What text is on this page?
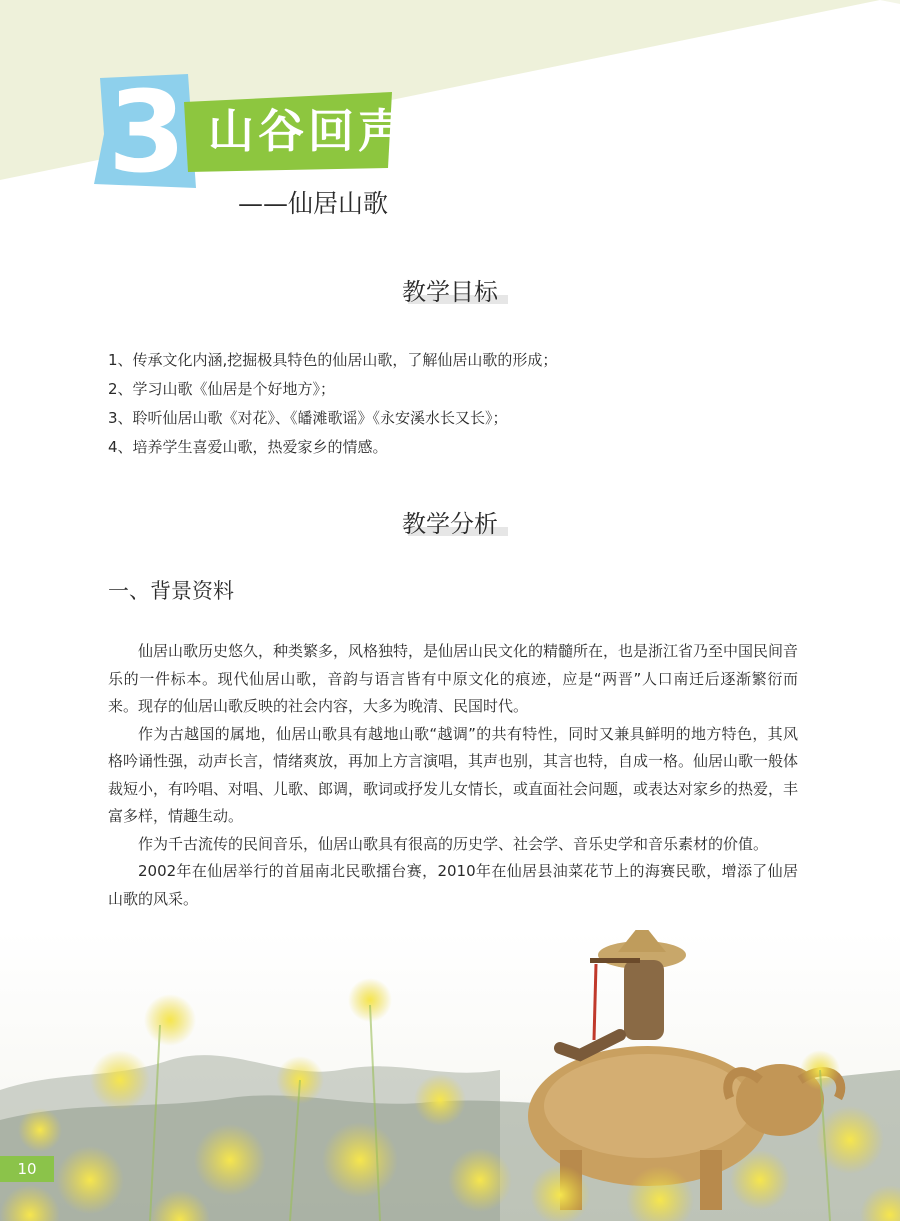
3 山谷回声
——仙居山歌
教学目标
1、传承文化内涵,挖掘极具特色的仙居山歌，了解仙居山歌的形成；
2、学习山歌《仙居是个好地方》；
3、聆听仙居山歌《对花》、《皤滩歌谣》《永安溪水长又长》；
4、培养学生喜爱山歌，热爱家乡的情感。
教学分析
一、背景资料

仙居山歌历史悠久，种类繁多，风格独特，是仙居山民文化的精髓所在，也是浙江省乃至中国民间音乐的一件标本。现代仙居山歌，音韵与语言皆有中原文化的痕迹，应是“两晋”人口南迁后逐渐繁衍而来。现存的仙居山歌反映的社会内容，大多为晚清、民国时代。

作为古越国的属地，仙居山歌具有越地山歌“越调”的共有特性，同时又兼具鲜明的地方特色，其风格吟诵性强，动声长言，情绪爽放，再加上方言演唱，其声也别，其言也特，自成一格。仙居山歌一般体裁短小，有吟唱、对唱、儿歌、郎调，歌词或抒发儿女情长，或直面社会问题，或表达对家乡的热爱，丰富多样，情趣生动。

作为千古流传的民间音乐，仙居山歌具有很高的历史学、社会学、音乐史学和音乐素材的价值。

2002年在仙居举行的首届南北民歌擂台赛，2010年在仙居县油菜花节上的海赛民歌，增添了仙居山歌的风采。

10
